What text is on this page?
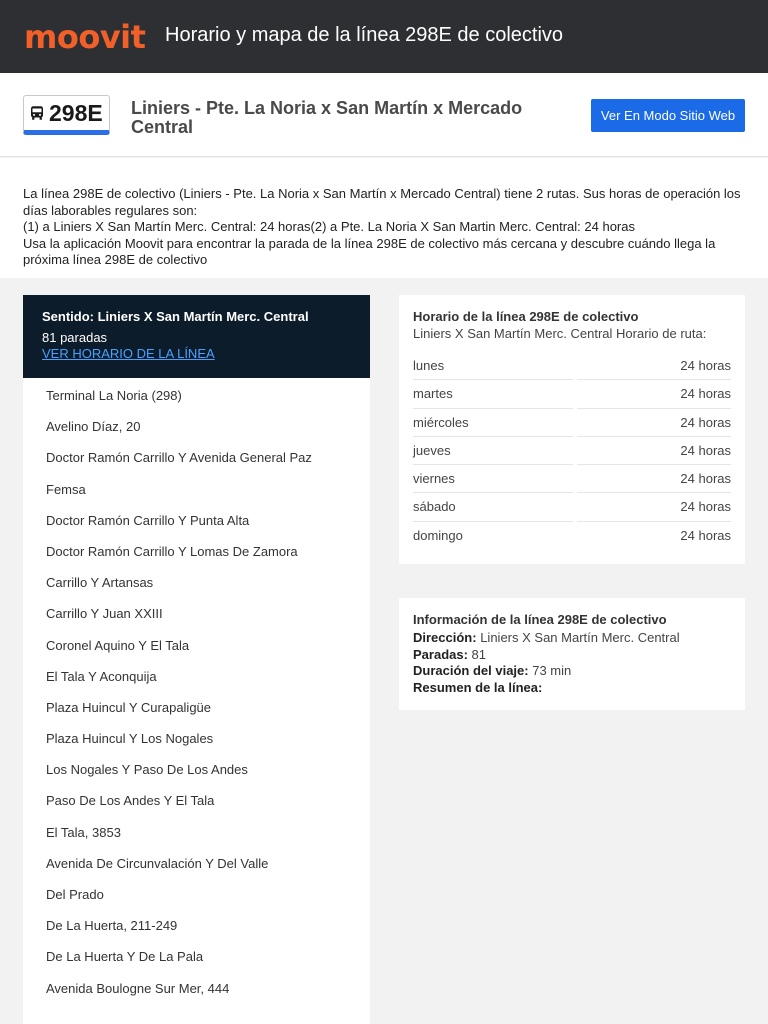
moovit Horario y mapa de la línea 298E de colectivo
298E Liniers - Pte. La Noria x San Martín x Mercado Central
Ver En Modo Sitio Web

La línea 298E de colectivo (Liniers - Pte. La Noria x San Martín x Mercado Central) tiene 2 rutas. Sus horas de operación los días laborables regulares son:

(1) a Liniers X San Martín Merc. Central: 24 horas(2) a Pte. La Noria X San Martin Merc. Central: 24 horas

Usa la aplicación Moovit para encontrar la parada de la línea 298E de colectivo más cercana y descubre cuándo llega la próxima línea 298E de colectivo

Sentido: Liniers X San Martín Merc. Central
81 paradas
VER HORARIO DE LA LÍNEA
Terminal La Noria (298)
Avelino Díaz, 20
Doctor Ramón Carrillo Y Avenida General Paz
Femsa
Doctor Ramón Carrillo Y Punta Alta
Doctor Ramón Carrillo Y Lomas De Zamora
Carrillo Y Artansas
Carrillo Y Juan XXIII
Coronel Aquino Y El Tala
El Tala Y Aconquija
Plaza Huincul Y Curapaligüe
Plaza Huincul Y Los Nogales
Los Nogales Y Paso De Los Andes
Paso De Los Andes Y El Tala
El Tala, 3853
Avenida De Circunvalación Y Del Valle
Del Prado
De La Huerta, 211-249
De La Huerta Y De La Pala
Avenida Boulogne Sur Mer, 444
Horario de la línea 298E de colectivo
Liniers X San Martín Merc. Central Horario de ruta:
lunes	24 horas
martes	24 horas
miércoles	24 horas
jueves	24 horas
viernes	24 horas
sábado	24 horas
domingo	24 horas
Información de la línea 298E de colectivo
Dirección: Liniers X San Martín Merc. Central
Paradas: 81
Duración del viaje: 73 min
Resumen de la línea:
